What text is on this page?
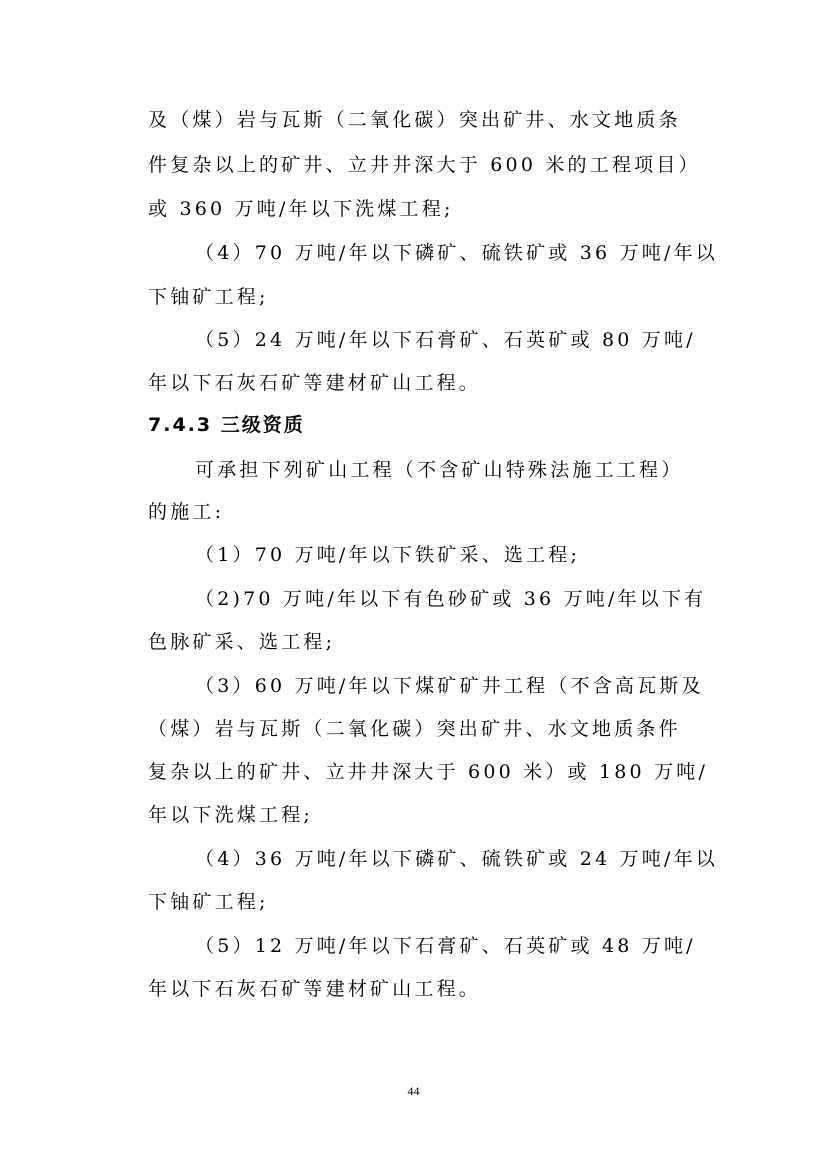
及（煤）岩与瓦斯（二氧化碳）突出矿井、水文地质条
件复杂以上的矿井、立井井深大于 600 米的工程项目）
或 360 万吨/年以下洗煤工程;
（4）70 万吨/年以下磷矿、硫铁矿或 36 万吨/年以
下铀矿工程;
（5）24 万吨/年以下石膏矿、石英矿或 80 万吨/
年以下石灰石矿等建材矿山工程。
7.4.3 三级资质
可承担下列矿山工程（不含矿山特殊法施工工程）
的施工:
（1）70 万吨/年以下铁矿采、选工程;
（2)70 万吨/年以下有色砂矿或 36 万吨/年以下有
色脉矿采、选工程;
（3）60 万吨/年以下煤矿矿井工程（不含高瓦斯及
（煤）岩与瓦斯（二氧化碳）突出矿井、水文地质条件
复杂以上的矿井、立井井深大于 600 米）或 180 万吨/
年以下洗煤工程;
（4）36 万吨/年以下磷矿、硫铁矿或 24 万吨/年以
下铀矿工程;
（5）12 万吨/年以下石膏矿、石英矿或 48 万吨/
年以下石灰石矿等建材矿山工程。
44
